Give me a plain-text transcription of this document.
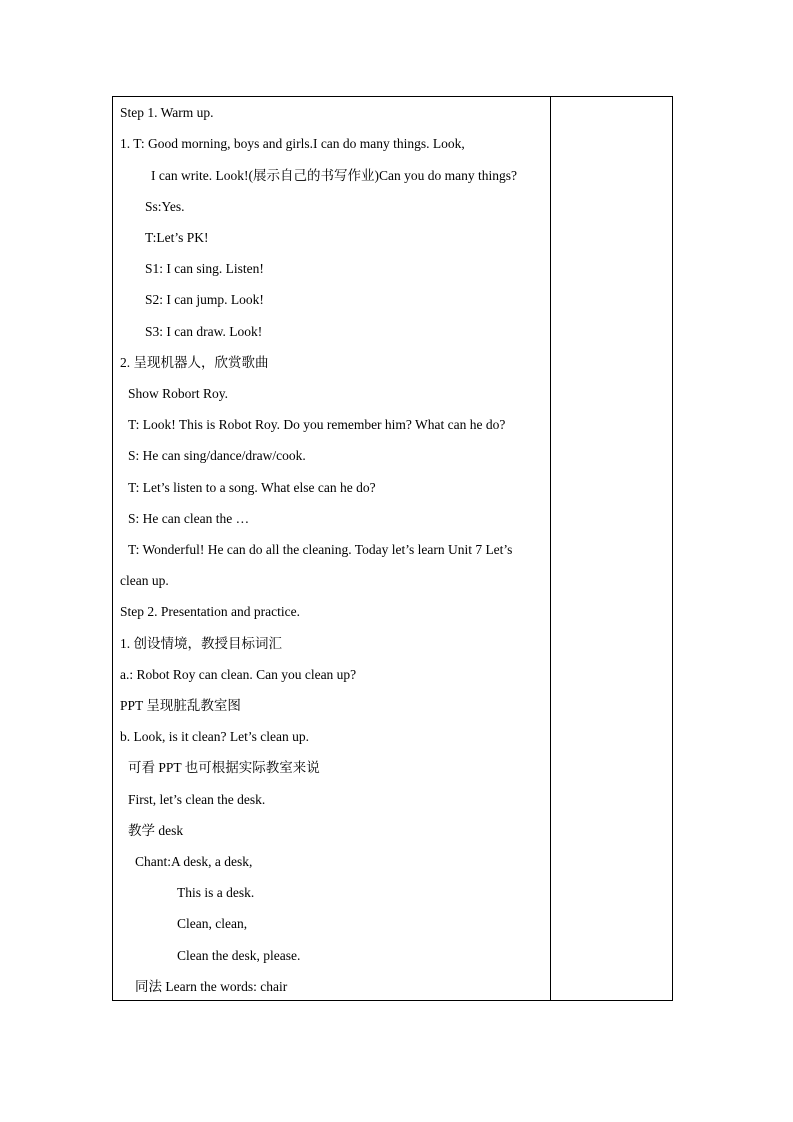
Step 1. Warm up.
1. T: Good morning, boys and girls.I can do many things. Look,
I can write. Look!(展示自己的书写作业)Can you do many things?
Ss:Yes.
T:Let’s PK!
S1: I can sing. Listen!
S2: I can jump. Look!
S3: I can draw. Look!
2. 呈现机器人，欣赏歌曲
Show Robort Roy.
T: Look! This is Robot Roy. Do you remember him? What can he do?
S: He can sing/dance/draw/cook.
T: Let’s listen to a song. What else can he do?
S: He can clean the …
T: Wonderful! He can do all the cleaning. Today let’s learn Unit 7 Let’s
clean up.
Step 2. Presentation and practice.
1. 创设情境，教授目标词汇
a.: Robot Roy can clean. Can you clean up?
PPT 呈现脏乱教室图
b. Look, is it clean? Let’s clean up.
可看 PPT 也可根据实际教室来说
First, let’s clean the desk.
教学 desk
Chant:A desk, a desk,
This is a desk.
Clean, clean,
Clean the desk, please.
同法 Learn the words: chair
